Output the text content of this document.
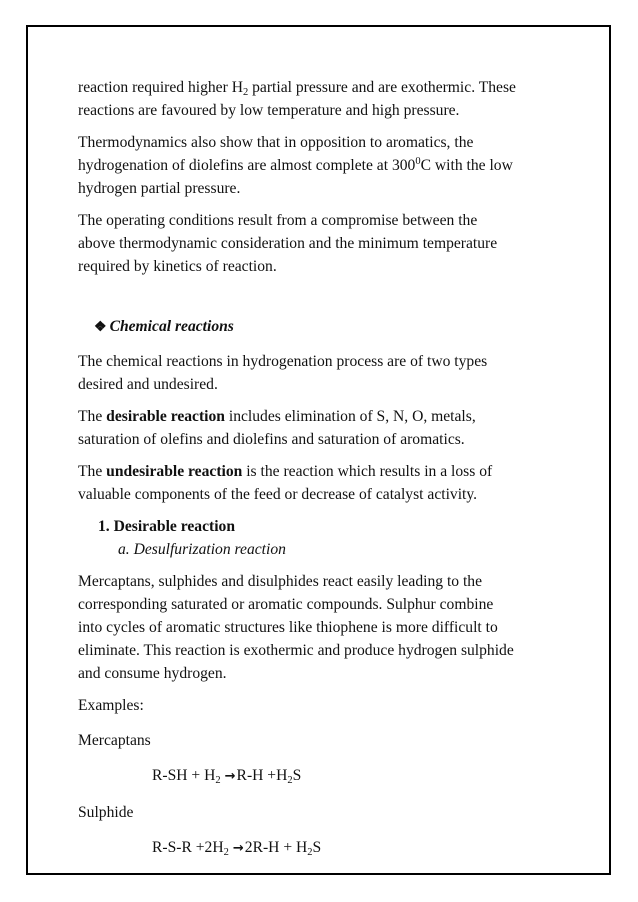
reaction required higher $H_2$ partial pressure and are exothermic. These
reactions are favoured by low temperature and high pressure.

Thermodynamics also show that in opposition to aromatics, the
hydrogenation of diolefins are almost complete at $300^0C$ with the low
hydrogen partial pressure.

The operating conditions result from a compromise between the
above thermodynamic consideration and the minimum temperature
required by kinetics of reaction.

❖ Chemical reactions

The chemical reactions in hydrogenation process are of two types
desired and undesired.

The desirable reaction includes elimination of S, N, O, metals,
saturation of olefins and diolefins and saturation of aromatics.

The undesirable reaction is the reaction which results in a loss of
valuable components of the feed or decrease of catalyst activity.

1. Desirable reaction
a. Desulfurization reaction

Mercaptans, sulphides and disulphides react easily leading to the
corresponding saturated or aromatic compounds. Sulphur combine
into cycles of aromatic structures like thiophene is more difficult to
eliminate. This reaction is exothermic and produce hydrogen sulphide
and consume hydrogen.

Examples:

Mercaptans

$R-SH + H_2 \to R-H +H_2S$

Sulphide

$R-S-R +2H_2 \to 2R-H + H_2S$
